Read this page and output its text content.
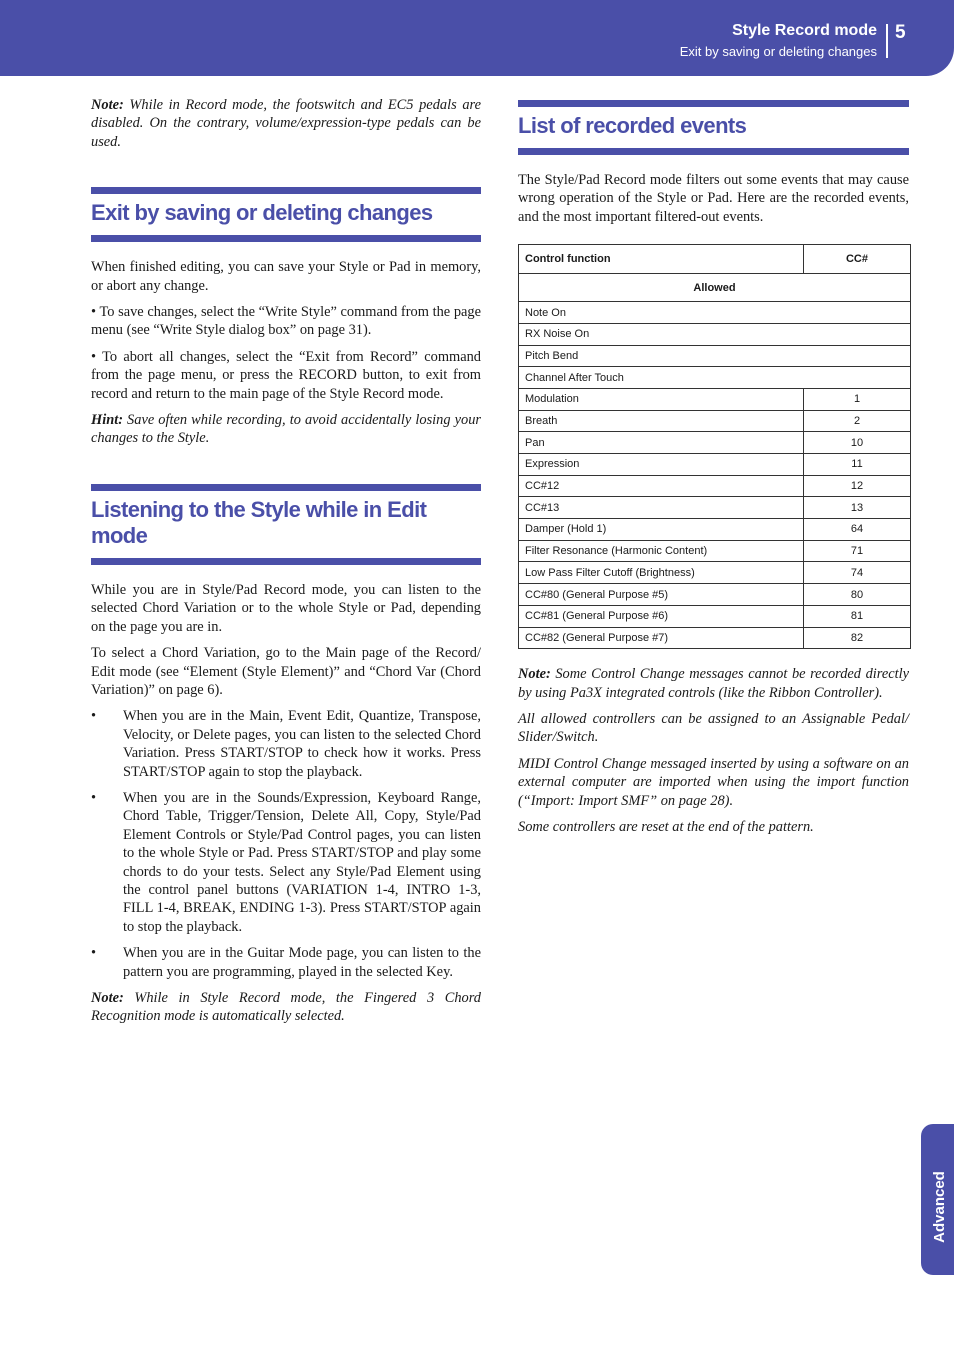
Style Record mode
Exit by saving or deleting changes
5
Advanced

Note: While in Record mode, the footswitch and EC5 pedals are disabled. On the contrary, volume/expression-type pedals can be used.

Exit by saving or deleting changes

When finished editing, you can save your Style or Pad in memory, or abort any change.

• To save changes, select the “Write Style” command from the page menu (see “Write Style dialog box” on page 31).

• To abort all changes, select the “Exit from Record” command from the page menu, or press the RECORD button, to exit from record and return to the main page of the Style Record mode.

Hint: Save often while recording, to avoid accidentally losing your changes to the Style.

Listening to the Style while in Edit mode

While you are in Style/Pad Record mode, you can listen to the selected Chord Variation or to the whole Style or Pad, depending on the page you are in.

To select a Chord Variation, go to the Main page of the Record/ Edit mode (see “Element (Style Element)” and “Chord Var (Chord Variation)” on page 6).

• When you are in the Main, Event Edit, Quantize, Transpose, Velocity, or Delete pages, you can listen to the selected Chord Variation. Press START/STOP to check how it works. Press START/STOP again to stop the playback.
• When you are in the Sounds/Expression, Keyboard Range, Chord Table, Trigger/Tension, Delete All, Copy, Style/Pad Element Controls or Style/Pad Control pages, you can listen to the whole Style or Pad. Press START/STOP and play some chords to do your tests. Select any Style/Pad Element using the control panel buttons (VARIATION 1-4, INTRO 1-3, FILL 1-4, BREAK, ENDING 1-3). Press START/STOP again to stop the playback.
• When you are in the Guitar Mode page, you can listen to the pattern you are programming, played in the selected Key.

Note: While in Style Record mode, the Fingered 3 Chord Recognition mode is automatically selected.

List of recorded events

The Style/Pad Record mode filters out some events that may cause wrong operation of the Style or Pad. Here are the recorded events, and the most important filtered-out events.

Control function	CC#
Allowed	
Note On	
RX Noise On	
Pitch Bend	
Channel After Touch	
Modulation	1
Breath	2
Pan	10
Expression	11
CC#12	12
CC#13	13
Damper (Hold 1)	64
Filter Resonance (Harmonic Content)	71
Low Pass Filter Cutoff (Brightness)	74
CC#80 (General Purpose #5)	80
CC#81 (General Purpose #6)	81
CC#82 (General Purpose #7)	82

Note: Some Control Change messages cannot be recorded directly by using Pa3X integrated controls (like the Ribbon Controller).

All allowed controllers can be assigned to an Assignable Pedal/ Slider/Switch.

MIDI Control Change messaged inserted by using a software on an external computer are imported when using the import function (“Import: Import SMF” on page 28).

Some controllers are reset at the end of the pattern.
